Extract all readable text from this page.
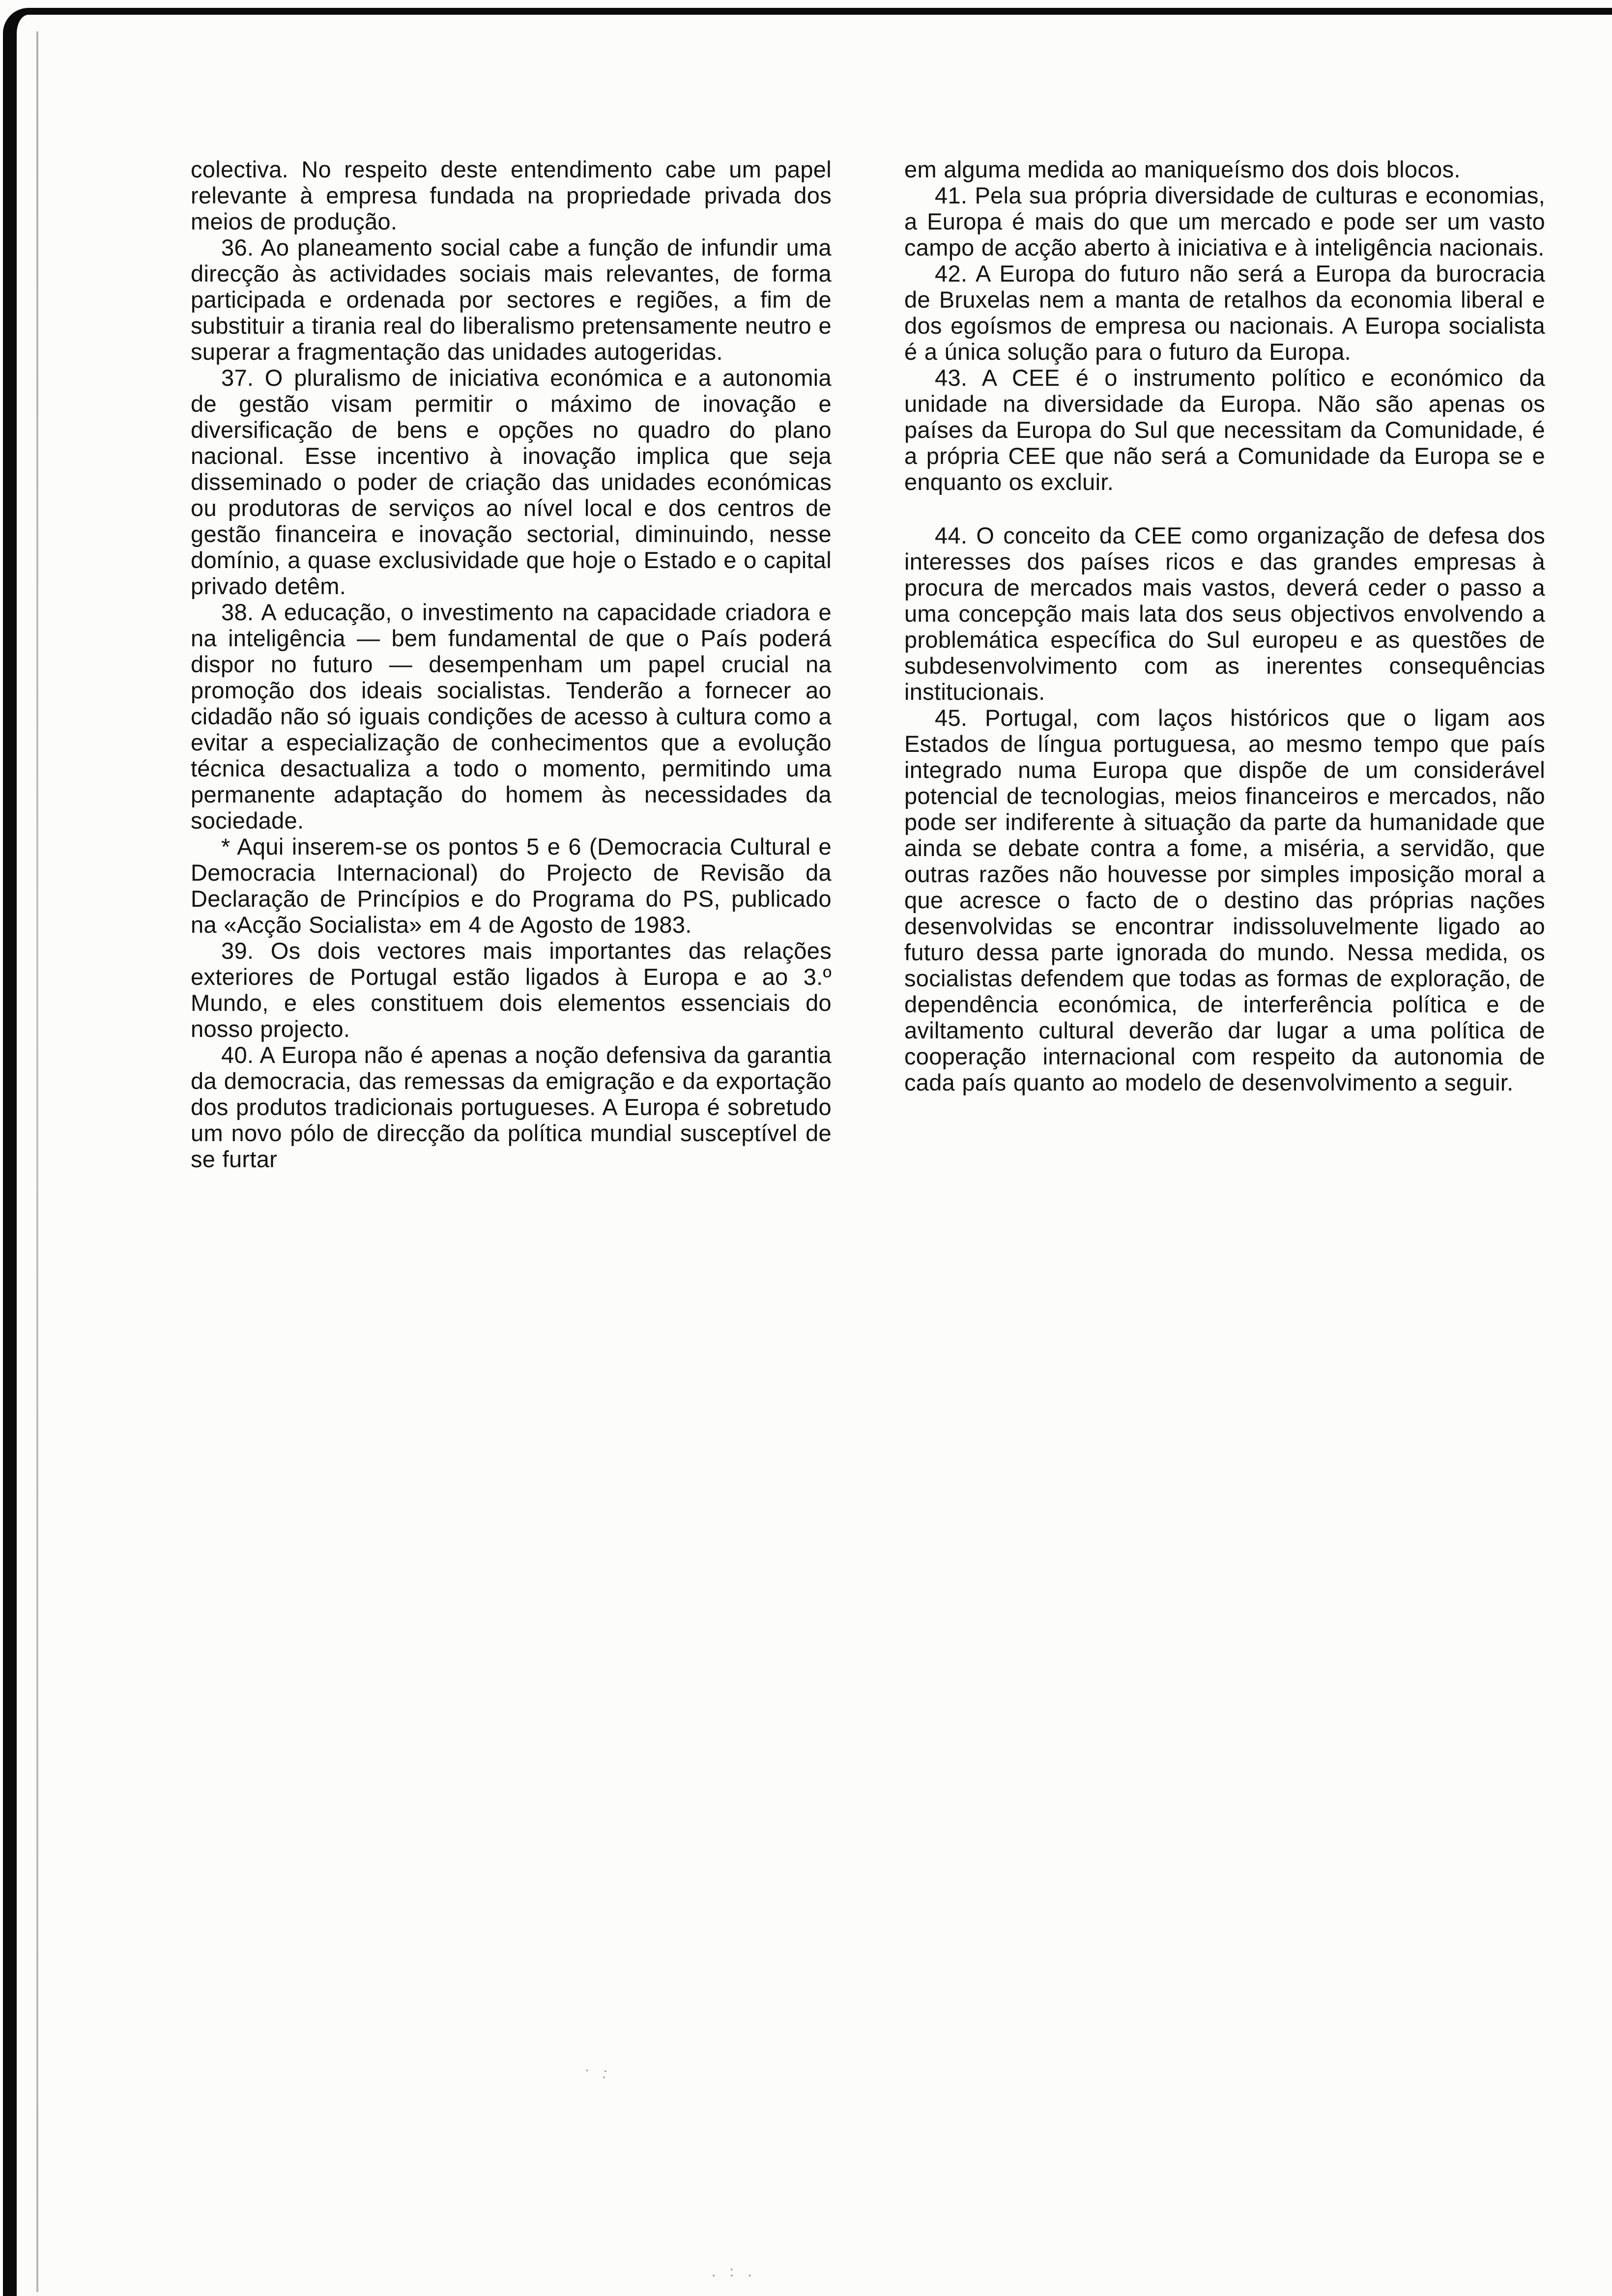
colectiva. No respeito deste entendimento cabe um papel relevante à empresa fundada na propriedade privada dos meios de produção.

36. Ao planeamento social cabe a função de infundir uma direcção às actividades sociais mais relevantes, de forma participada e ordenada por sectores e regiões, a fim de substituir a tirania real do liberalismo pretensamente neutro e superar a fragmentação das unidades autogeridas.

37. O pluralismo de iniciativa económica e a autonomia de gestão visam permitir o máximo de inovação e diversificação de bens e opções no quadro do plano nacional. Esse incentivo à inovação implica que seja disseminado o poder de criação das unidades económicas ou produtoras de serviços ao nível local e dos centros de gestão financeira e inovação sectorial, diminuindo, nesse domínio, a quase exclusividade que hoje o Estado e o capital privado detêm.

38. A educação, o investimento na capacidade criadora e na inteligência — bem fundamental de que o País poderá dispor no futuro — desempenham um papel crucial na promoção dos ideais socialistas. Tenderão a fornecer ao cidadão não só iguais condições de acesso à cultura como a evitar a especialização de conhecimentos que a evolução técnica desactualiza a todo o momento, permitindo uma permanente adaptação do homem às necessidades da sociedade.

* Aqui inserem-se os pontos 5 e 6 (Democracia Cultural e Democracia Internacional) do Projecto de Revisão da Declaração de Princípios e do Programa do PS, publicado na «Acção Socialista» em 4 de Agosto de 1983.

39. Os dois vectores mais importantes das relações exteriores de Portugal estão ligados à Europa e ao 3.º Mundo, e eles constituem dois elementos essenciais do nosso projecto.

40. A Europa não é apenas a noção defensiva da garantia da democracia, das remessas da emigração e da exportação dos produtos tradicionais portugueses. A Europa é sobretudo um novo pólo de direcção da política mundial susceptível de se furtar

em alguma medida ao maniqueísmo dos dois blocos.

41. Pela sua própria diversidade de culturas e economias, a Europa é mais do que um mercado e pode ser um vasto campo de acção aberto à iniciativa e à inteligência nacionais.

42. A Europa do futuro não será a Europa da burocracia de Bruxelas nem a manta de retalhos da economia liberal e dos egoísmos de empresa ou nacionais. A Europa socialista é a única solução para o futuro da Europa.

43. A CEE é o instrumento político e económico da unidade na diversidade da Europa. Não são apenas os países da Europa do Sul que necessitam da Comunidade, é a própria CEE que não será a Comunidade da Europa se e enquanto os excluir.

44. O conceito da CEE como organização de defesa dos interesses dos países ricos e das grandes empresas à procura de mercados mais vastos, deverá ceder o passo a uma concepção mais lata dos seus objectivos envolvendo a problemática específica do Sul europeu e as questões de subdesenvolvimento com as inerentes consequências institucionais.

45. Portugal, com laços históricos que o ligam aos Estados de língua portuguesa, ao mesmo tempo que país integrado numa Europa que dispõe de um considerável potencial de tecnologias, meios financeiros e mercados, não pode ser indiferente à situação da parte da humanidade que ainda se debate contra a fome, a miséria, a servidão, que outras razões não houvesse por simples imposição moral a que acresce o facto de o destino das próprias nações desenvolvidas se encontrar indissoluvelmente ligado ao futuro dessa parte ignorada do mundo. Nessa medida, os socialistas defendem que todas as formas de exploração, de dependência económica, de interferência política e de aviltamento cultural deverão dar lugar a uma política de cooperação internacional com respeito da autonomia de cada país quanto ao modelo de desenvolvimento a seguir.

∙ :
. : .
